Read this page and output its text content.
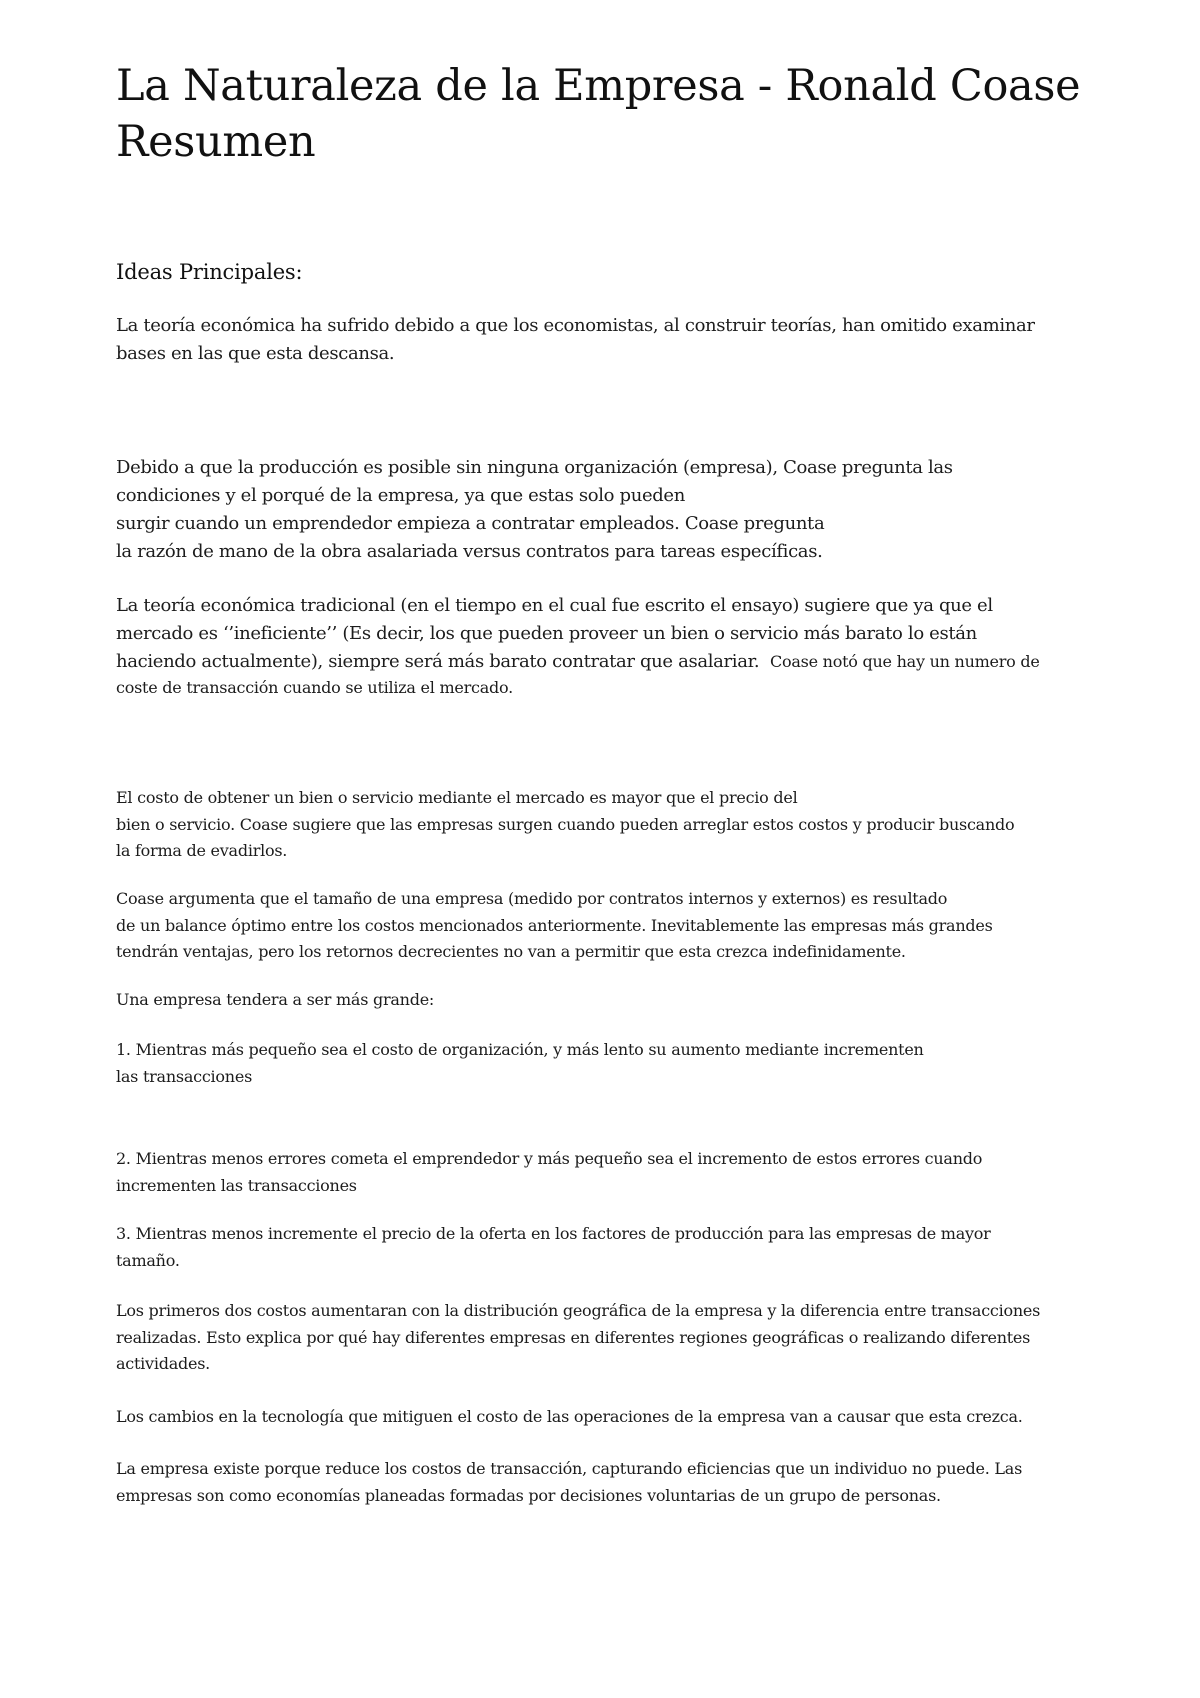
La Naturaleza de la Empresa - Ronald Coase
Resumen
Ideas Principales:

La teoría económica ha sufrido debido a que los economistas, al construir teorías, han omitido examinar
bases en las que esta descansa.

Debido a que la producción es posible sin ninguna organización (empresa), Coase pregunta las
condiciones y el porqué de la empresa, ya que estas solo pueden
surgir cuando un emprendedor empieza a contratar empleados. Coase pregunta
la razón de mano de la obra asalariada versus contratos para tareas específicas.

La teoría económica tradicional (en el tiempo en el cual fue escrito el ensayo) sugiere que ya que el
mercado es ‘’ineficiente’’ (Es decir, los que pueden proveer un bien o servicio más barato lo están
haciendo actualmente), siempre será más barato contratar que asalariar. Coase notó que hay un numero de

coste de transacción cuando se utiliza el mercado.

El costo de obtener un bien o servicio mediante el mercado es mayor que el precio del
bien o servicio. Coase sugiere que las empresas surgen cuando pueden arreglar estos costos y producir buscando
la forma de evadirlos.

Coase argumenta que el tamaño de una empresa (medido por contratos internos y externos) es resultado
de un balance óptimo entre los costos mencionados anteriormente. Inevitablemente las empresas más grandes
tendrán ventajas, pero los retornos decrecientes no van a permitir que esta crezca indefinidamente.

Una empresa tendera a ser más grande:

1. Mientras más pequeño sea el costo de organización, y más lento su aumento mediante incrementen
las transacciones

2. Mientras menos errores cometa el emprendedor y más pequeño sea el incremento de estos errores cuando
incrementen las transacciones

3. Mientras menos incremente el precio de la oferta en los factores de producción para las empresas de mayor
tamaño.

Los primeros dos costos aumentaran con la distribución geográfica de la empresa y la diferencia entre transacciones
realizadas. Esto explica por qué hay diferentes empresas en diferentes regiones geográficas o realizando diferentes
actividades.

Los cambios en la tecnología que mitiguen el costo de las operaciones de la empresa van a causar que esta crezca.

La empresa existe porque reduce los costos de transacción, capturando eficiencias que un individuo no puede. Las
empresas son como economías planeadas formadas por decisiones voluntarias de un grupo de personas.
